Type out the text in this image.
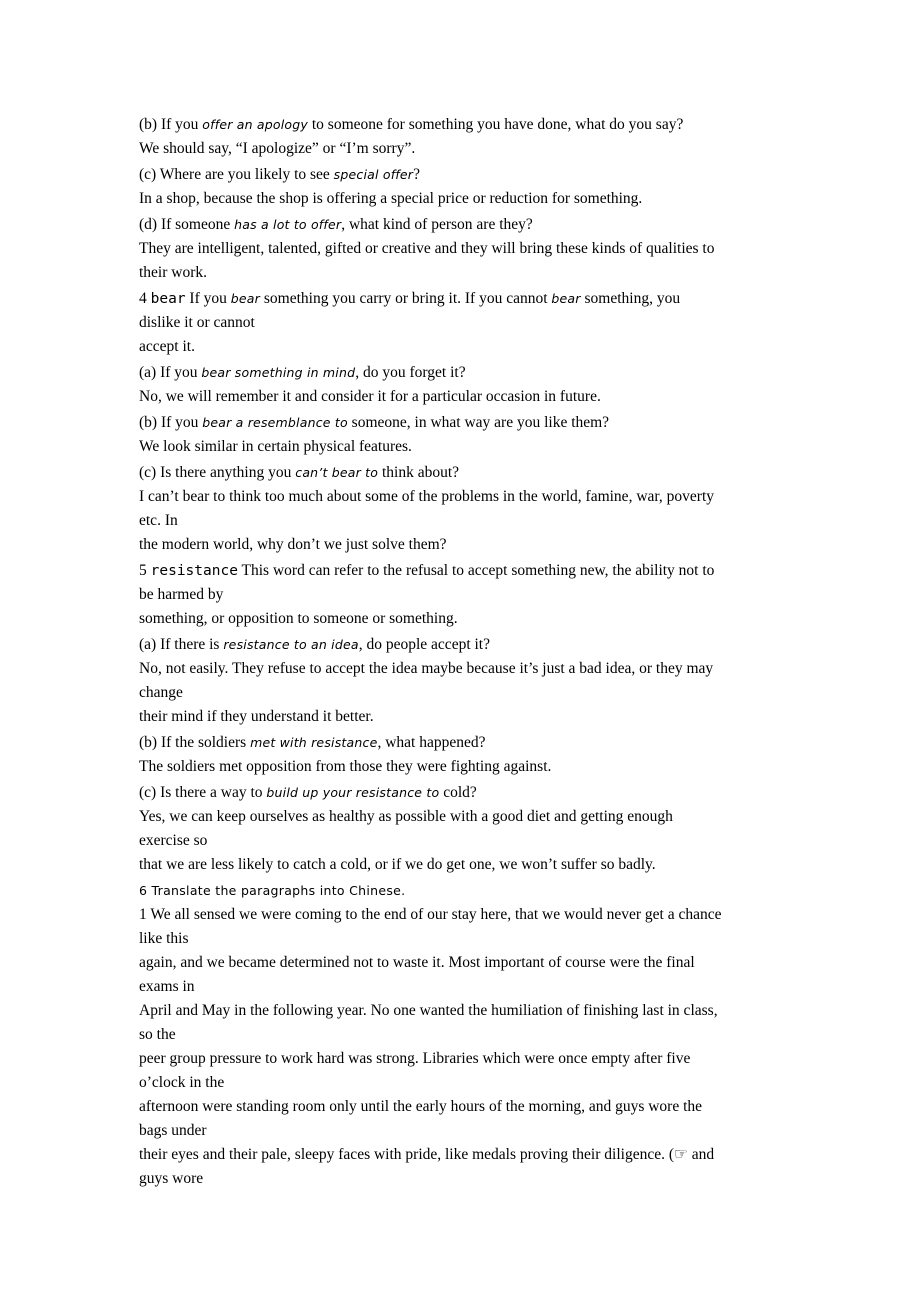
(b) If you offer an apology to someone for something you have done, what do you say?
We should say, “I apologize” or “I’m sorry”.
(c) Where are you likely to see special offer?
In a shop, because the shop is offering a special price or reduction for something.
(d) If someone has a lot to offer, what kind of person are they?
They are intelligent, talented, gifted or creative and they will bring these kinds of qualities to
their work.
4 bear If you bear something you carry or bring it. If you cannot bear something, you
dislike it or cannot
accept it.
(a) If you bear something in mind, do you forget it?
No, we will remember it and consider it for a particular occasion in future.
(b) If you bear a resemblance to someone, in what way are you like them?
We look similar in certain physical features.
(c) Is there anything you can’t bear to think about?
I can’t bear to think too much about some of the problems in the world, famine, war, poverty
etc. In
the modern world, why don’t we just solve them?
5 resistance This word can refer to the refusal to accept something new, the ability not to
be harmed by
something, or opposition to someone or something.
(a) If there is resistance to an idea, do people accept it?
No, not easily. They refuse to accept the idea maybe because it’s just a bad idea, or they may
change
their mind if they understand it better.
(b) If the soldiers met with resistance, what happened?
The soldiers met opposition from those they were fighting against.
(c) Is there a way to build up your resistance to cold?
Yes, we can keep ourselves as healthy as possible with a good diet and getting enough
exercise so
that we are less likely to catch a cold, or if we do get one, we won’t suffer so badly.
6 Translate the paragraphs into Chinese.
1 We all sensed we were coming to the end of our stay here, that we would never get a chance
like this
again, and we became determined not to waste it. Most important of course were the final
exams in
April and May in the following year. No one wanted the humiliation of finishing last in class,
so the
peer group pressure to work hard was strong. Libraries which were once empty after five
o’clock in the
afternoon were standing room only until the early hours of the morning, and guys wore the
bags under
their eyes and their pale, sleepy faces with pride, like medals proving their diligence. (☞ and
guys wore
